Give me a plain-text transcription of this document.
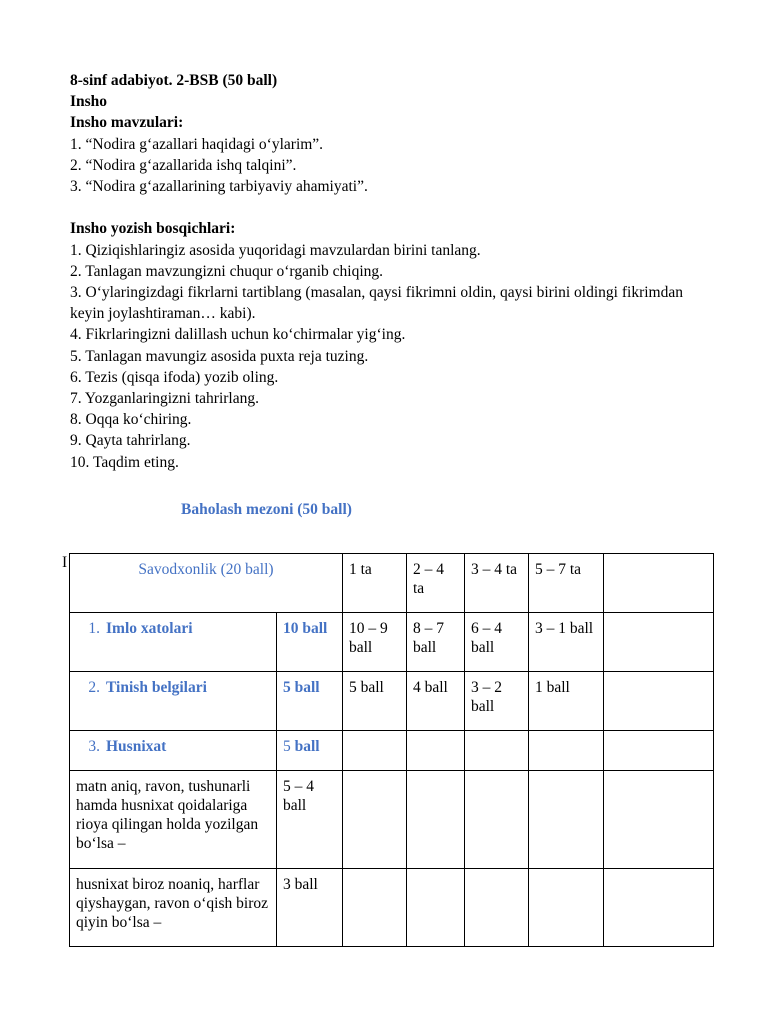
8-sinf adabiyot. 2-BSB (50 ball)

Insho

Insho mavzulari:

1. “Nodira g‘azallari haqidagi o‘ylarim”.

2. “Nodira g‘azallarida ishq talqini”.

3. “Nodira g‘azallarining tarbiyaviy ahamiyati”.

Insho yozish bosqichlari:

1. Qiziqishlaringiz asosida yuqoridagi mavzulardan birini tanlang.

2. Tanlagan mavzungizni chuqur o‘rganib chiqing.

3. O‘ylaringizdagi fikrlarni tartiblang (masalan, qaysi fikrimni oldin, qaysi birini oldingi fikrimdan keyin joylashtiraman… kabi).

4. Fikrlaringizni dalillash uchun ko‘chirmalar yig‘ing.

5. Tanlagan mavungiz asosida puxta reja tuzing.

6. Tezis (qisqa ifoda) yozib oling.

7. Yozganlaringizni tahrirlang.

8. Oqqa ko‘chiring.

9. Qayta tahrirlang.

10. Taqdim eting.

Baholash mezoni (50 ball)
I	Savodxonlik (20 ball)		1 ta	2 – 4 ta	3 – 4 ta	5 – 7 ta	
1. Imlo xatolari	10 ball	10 – 9 ball	8 – 7 ball	6 – 4 ball	3 – 1 ball	
2. Tinish belgilari	5 ball	5 ball	4 ball	3 – 2 ball	1 ball	
3. Husnixat	5 ball					
matn aniq, ravon, tushunarli hamda husnixat qoidalariga rioya qilingan holda yozilgan bo‘lsa –	5 – 4 ball					
husnixat biroz noaniq, harflar qiyshaygan, ravon o‘qish biroz qiyin bo‘lsa –	3 ball					
